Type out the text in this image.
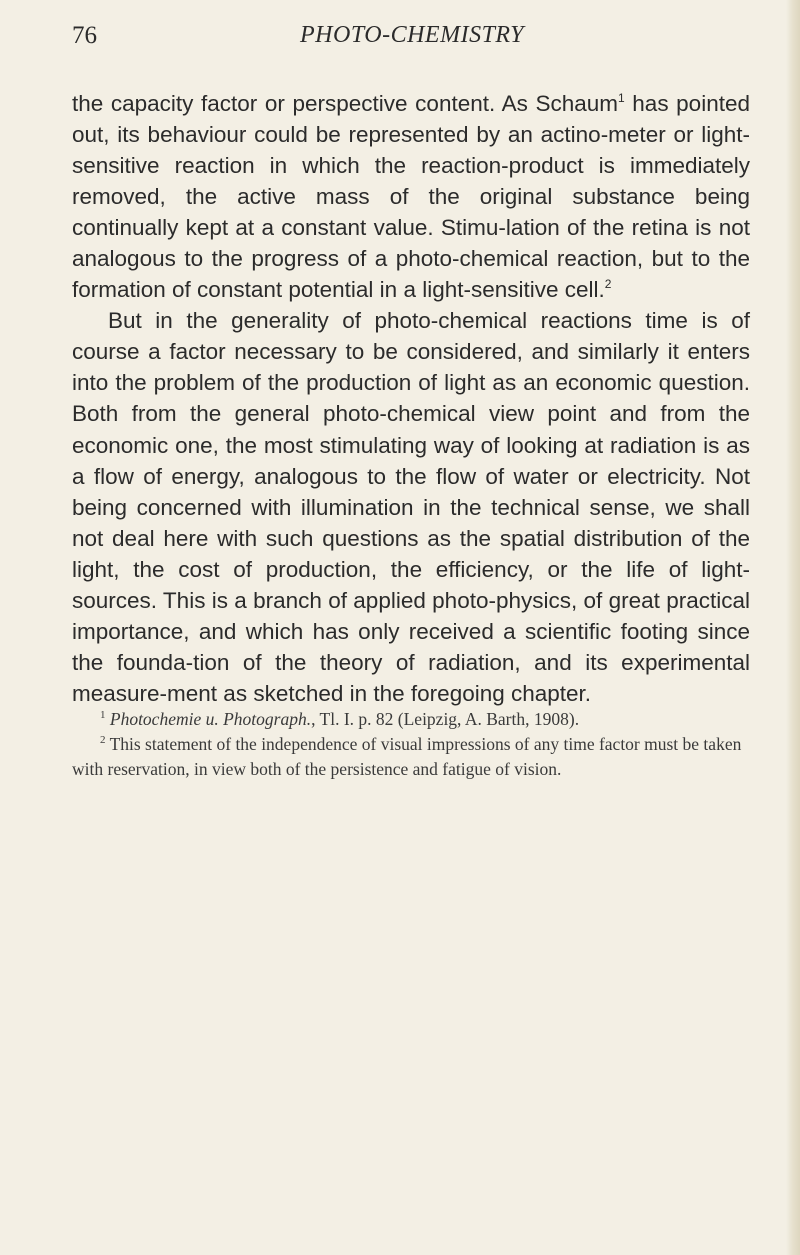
76	PHOTO-CHEMISTRY

the capacity factor or perspective content. As Schaum$^1$ has pointed out, its behaviour could be represented by an actino-meter or light-sensitive reaction in which the reaction-product is immediately removed, the active mass of the original substance being continually kept at a constant value. Stimu-lation of the retina is not analogous to the progress of a photo-chemical reaction, but to the formation of constant potential in a light-sensitive cell.$^2$

But in the generality of photo-chemical reactions time is of course a factor necessary to be considered, and similarly it enters into the problem of the production of light as an economic question. Both from the general photo-chemical view point and from the economic one, the most stimulating way of looking at radiation is as a flow of energy, analogous to the flow of water or electricity. Not being concerned with illumination in the technical sense, we shall not deal here with such questions as the spatial distribution of the light, the cost of production, the efficiency, or the life of light-sources. This is a branch of applied photo-physics, of great practical importance, and which has only received a scientific footing since the founda-tion of the theory of radiation, and its experimental measure-ment as sketched in the foregoing chapter.

$^1$ Photochemie u. Photograph., Tl. I. p. 82 (Leipzig, A. Barth, 1908).

$^2$ This statement of the independence of visual impressions of any time factor must be taken with reservation, in view both of the persistence and fatigue of vision.
